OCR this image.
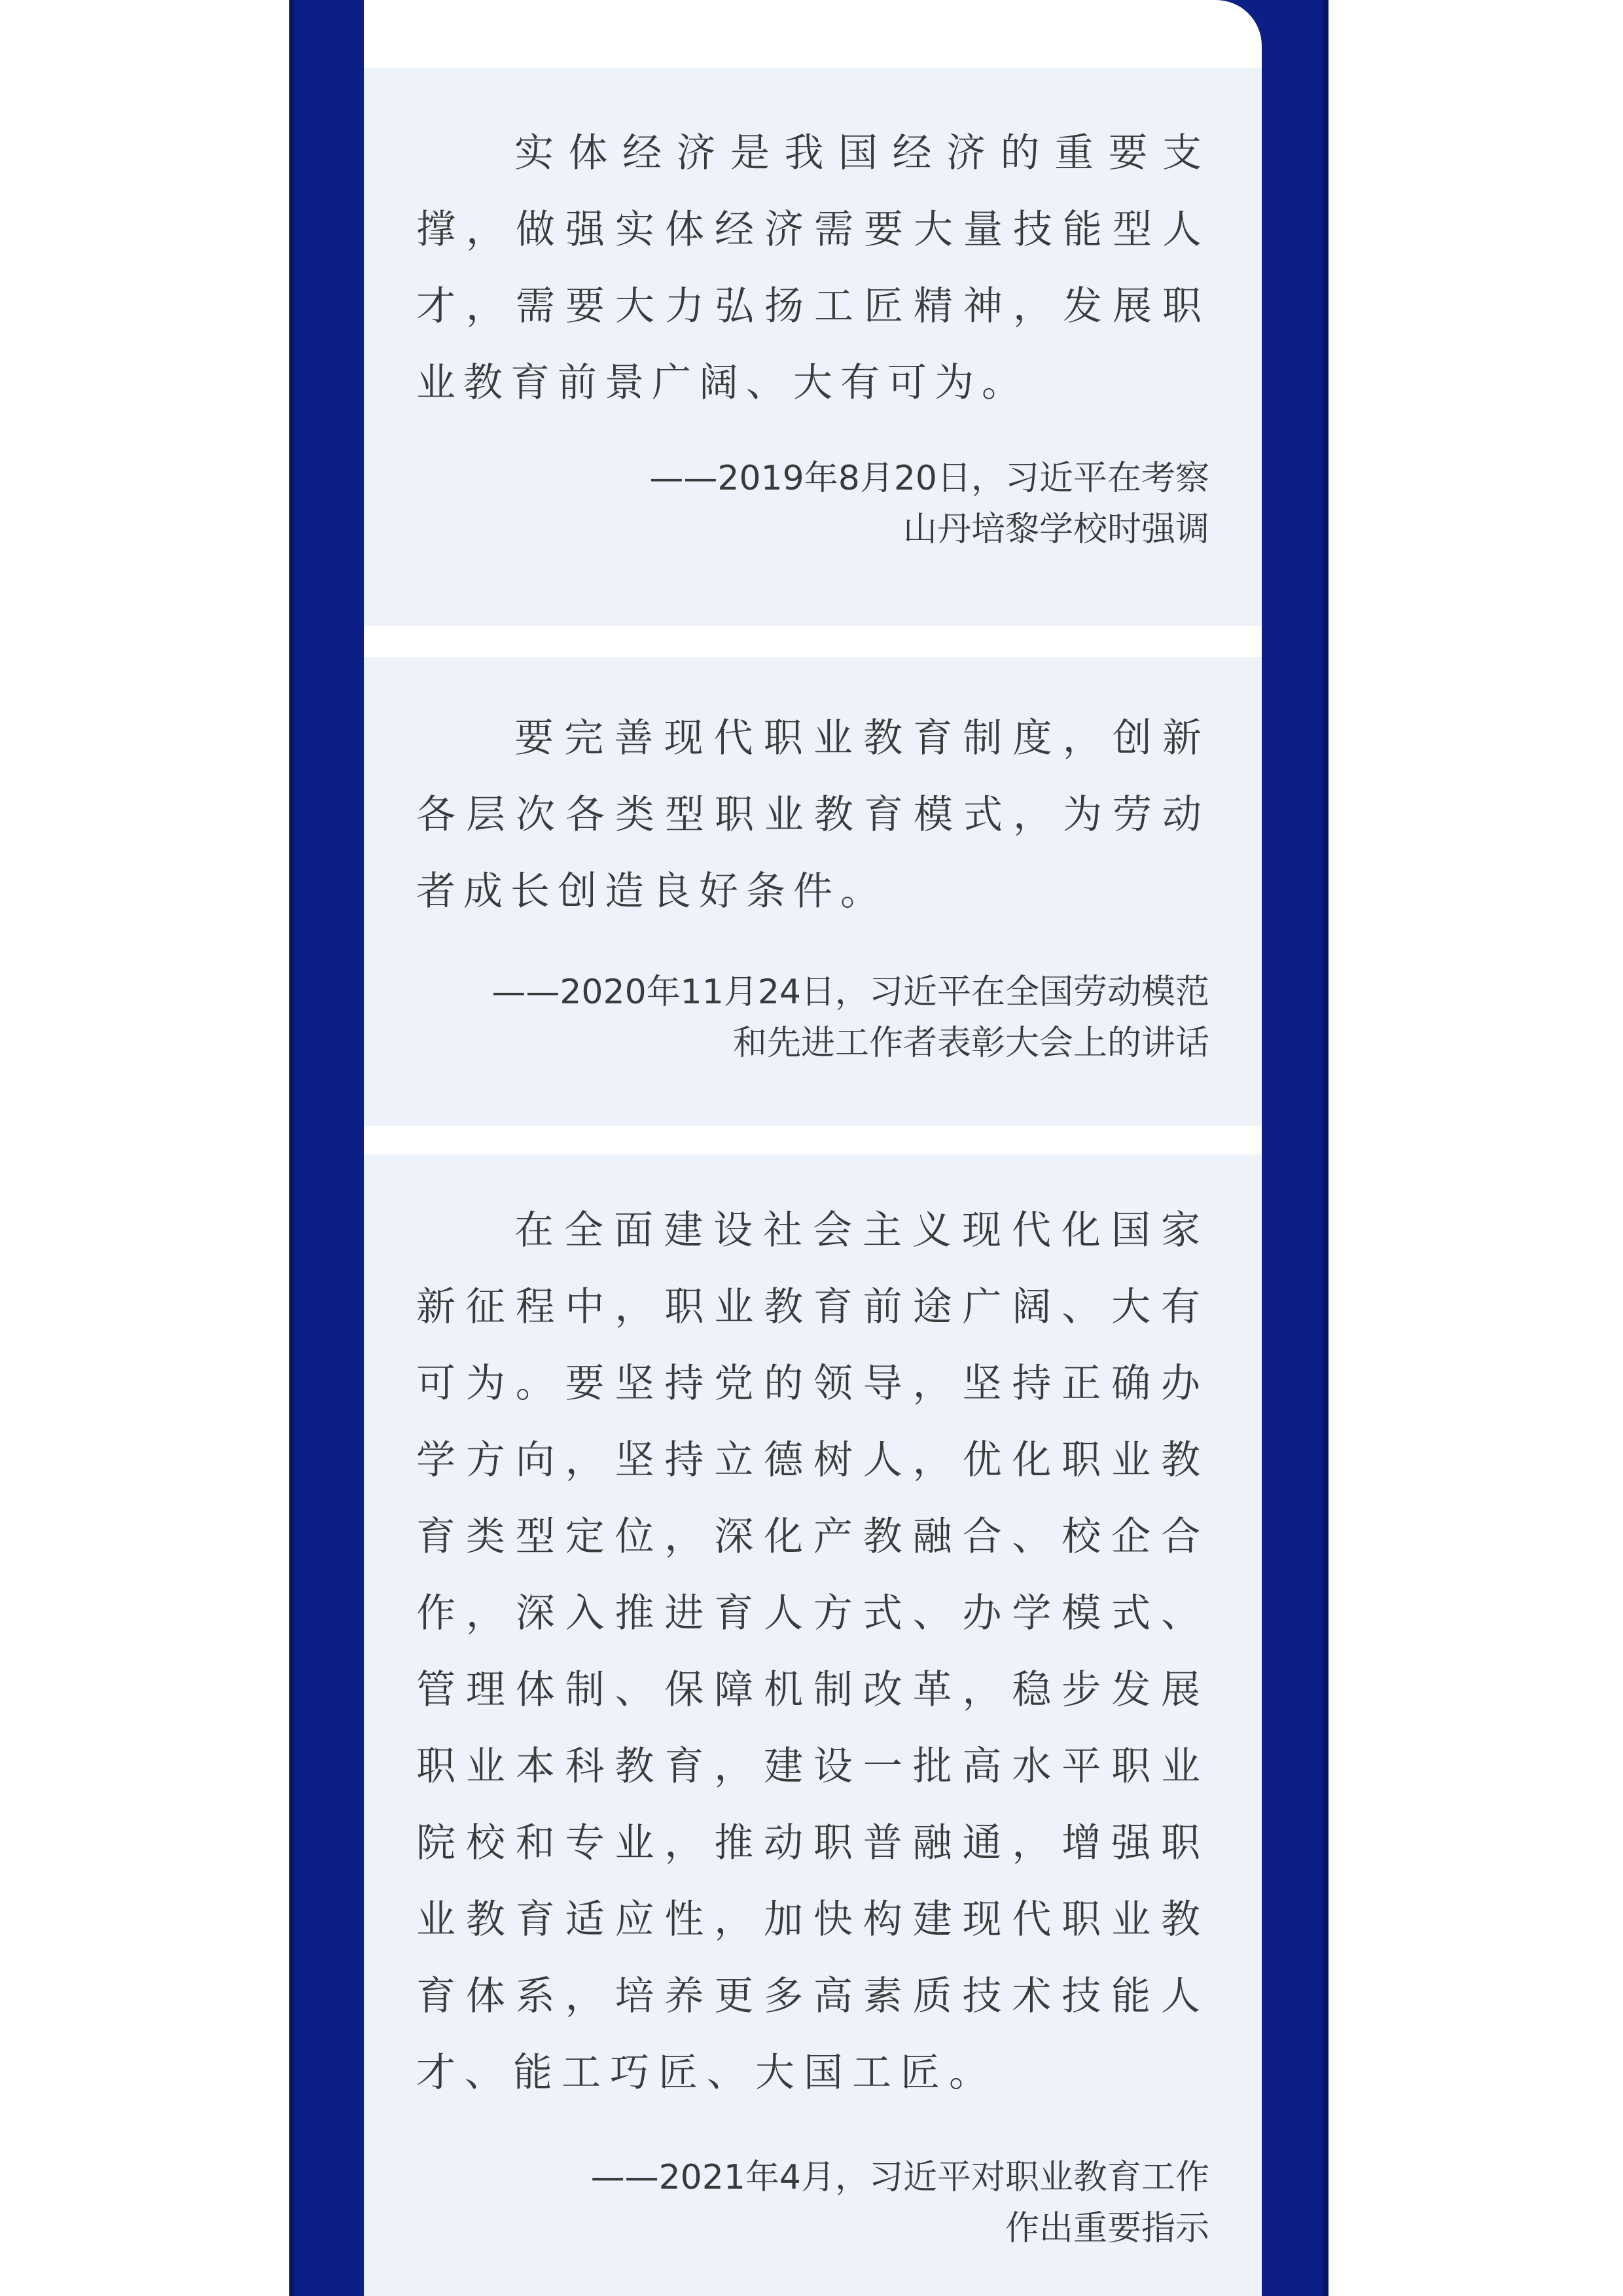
实体经济是我国经济的重要支撑，做强实体经济需要大量技能型人才，需要大力弘扬工匠精神，发展职业教育前景广阔、大有可为。

——2019年8月20日，习近平在考察
山丹培黎学校时强调

要完善现代职业教育制度，创新各层次各类型职业教育模式，为劳动者成长创造良好条件。

——2020年11月24日，习近平在全国劳动模范
和先进工作者表彰大会上的讲话

在全面建设社会主义现代化国家新征程中，职业教育前途广阔、大有可为。要坚持党的领导，坚持正确办学方向，坚持立德树人，优化职业教育类型定位，深化产教融合、校企合作，深入推进育人方式、办学模式、管理体制、保障机制改革，稳步发展职业本科教育，建设一批高水平职业院校和专业，推动职普融通，增强职业教育适应性，加快构建现代职业教育体系，培养更多高素质技术技能人才、能工巧匠、大国工匠。

——2021年4月，习近平对职业教育工作
作出重要指示
